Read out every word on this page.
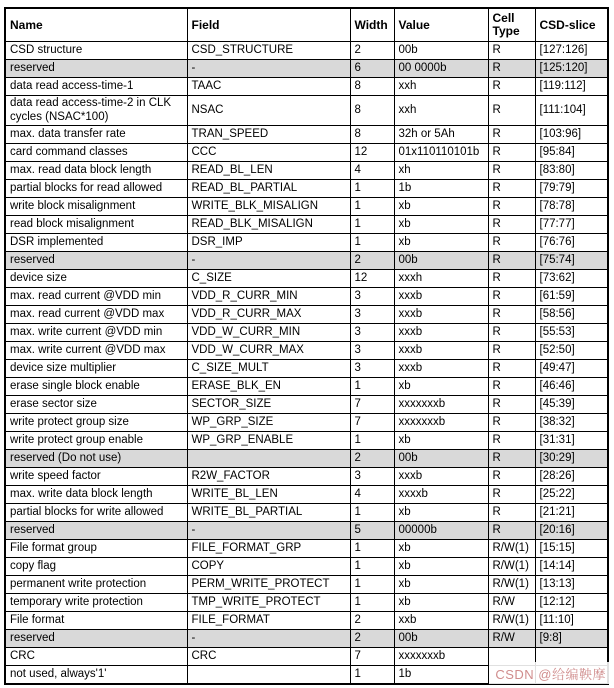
Name	Field	Width	Value	Cell Type	CSD-slice
CSD structure	CSD_STRUCTURE	2	00b	R	[127:126]
reserved	-	6	00 0000b	R	[125:120]
data read access-time-1	TAAC	8	xxh	R	[119:112]
data read access-time-2 in CLK cycles (NSAC*100)	NSAC	8	xxh	R	[111:104]
max. data transfer rate	TRAN_SPEED	8	32h or 5Ah	R	[103:96]
card command classes	CCC	12	01x110110101b	R	[95:84]
max. read data block length	READ_BL_LEN	4	xh	R	[83:80]
partial blocks for read allowed	READ_BL_PARTIAL	1	1b	R	[79:79]
write block misalignment	WRITE_BLK_MISALIGN	1	xb	R	[78:78]
read block misalignment	READ_BLK_MISALIGN	1	xb	R	[77:77]
DSR implemented	DSR_IMP	1	xb	R	[76:76]
reserved	-	2	00b	R	[75:74]
device size	C_SIZE	12	xxxh	R	[73:62]
max. read current @VDD min	VDD_R_CURR_MIN	3	xxxb	R	[61:59]
max. read current @VDD max	VDD_R_CURR_MAX	3	xxxb	R	[58:56]
max. write current @VDD min	VDD_W_CURR_MIN	3	xxxb	R	[55:53]
max. write current @VDD max	VDD_W_CURR_MAX	3	xxxb	R	[52:50]
device size multiplier	C_SIZE_MULT	3	xxxb	R	[49:47]
erase single block enable	ERASE_BLK_EN	1	xb	R	[46:46]
erase sector size	SECTOR_SIZE	7	xxxxxxxb	R	[45:39]
write protect group size	WP_GRP_SIZE	7	xxxxxxxb	R	[38:32]
write protect group enable	WP_GRP_ENABLE	1	xb	R	[31:31]
reserved (Do not use)		2	00b	R	[30:29]
write speed factor	R2W_FACTOR	3	xxxb	R	[28:26]
max. write data block length	WRITE_BL_LEN	4	xxxxb	R	[25:22]
partial blocks for write allowed	WRITE_BL_PARTIAL	1	xb	R	[21:21]
reserved	-	5	00000b	R	[20:16]
File format group	FILE_FORMAT_GRP	1	xb	R/W(1)	[15:15]
copy flag	COPY	1	xb	R/W(1)	[14:14]
permanent write protection	PERM_WRITE_PROTECT	1	xb	R/W(1)	[13:13]
temporary write protection	TMP_WRITE_PROTECT	1	xb	R/W	[12:12]
File format	FILE_FORMAT	2	xxb	R/W(1)	[11:10]
reserved	-	2	00b	R/W	[9:8]
CRC	CRC	7	xxxxxxxb		
not used, always'1'		1	1b			CSDN @给编鞅摩
